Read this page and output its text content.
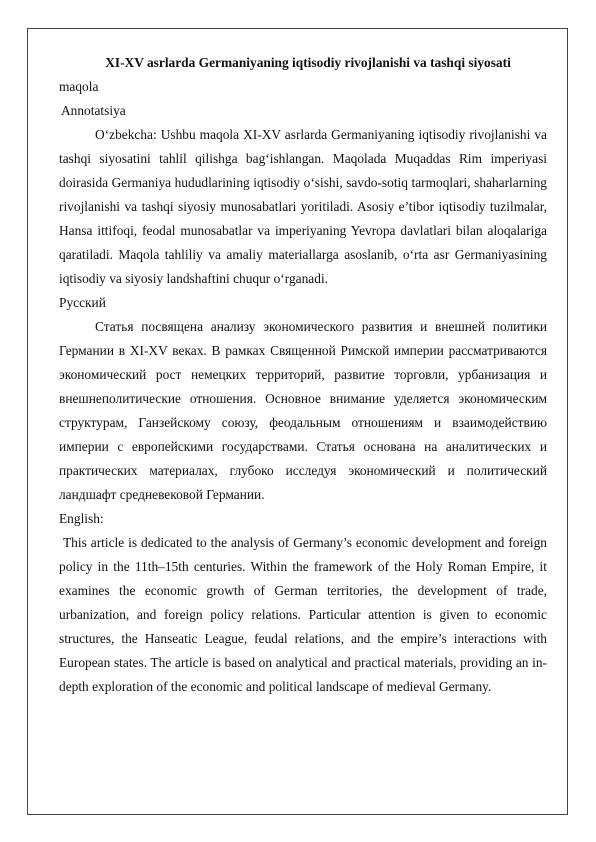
XI-XV asrlarda Germaniyaning iqtisodiy rivojlanishi va tashqi siyosati

maqola

Annotatsiya

O‘zbekcha: Ushbu maqola XI-XV asrlarda Germaniyaning iqtisodiy rivojlanishi va tashqi siyosatini tahlil qilishga bag‘ishlangan. Maqolada Muqaddas Rim imperiyasi doirasida Germaniya hududlarining iqtisodiy o‘sishi, savdo-sotiq tarmoqlari, shaharlarning rivojlanishi va tashqi siyosiy munosabatlari yoritiladi. Asosiy e’tibor iqtisodiy tuzilmalar, Hansa ittifoqi, feodal munosabatlar va imperiyaning Yevropa davlatlari bilan aloqalariga qaratiladi. Maqola tahliliy va amaliy materiallarga asoslanib, o‘rta asr Germaniyasining iqtisodiy va siyosiy landshaftini chuqur o‘rganadi.

Русский

Статья посвящена анализу экономического развития и внешней политики Германии в XI-XV веках. В рамках Священной Римской империи рассматриваются экономический рост немецких территорий, развитие торговли, урбанизация и внешнеполитические отношения. Основное внимание уделяется экономическим структурам, Ганзейскому союзу, феодальным отношениям и взаимодействию империи с европейскими государствами. Статья основана на аналитических и практических материалах, глубоко исследуя экономический и политический ландшафт средневековой Германии.

English:

This article is dedicated to the analysis of Germany’s economic development and foreign policy in the 11th–15th centuries. Within the framework of the Holy Roman Empire, it examines the economic growth of German territories, the development of trade, urbanization, and foreign policy relations. Particular attention is given to economic structures, the Hanseatic League, feudal relations, and the empire’s interactions with European states. The article is based on analytical and practical materials, providing an in-depth exploration of the economic and political landscape of medieval Germany.
